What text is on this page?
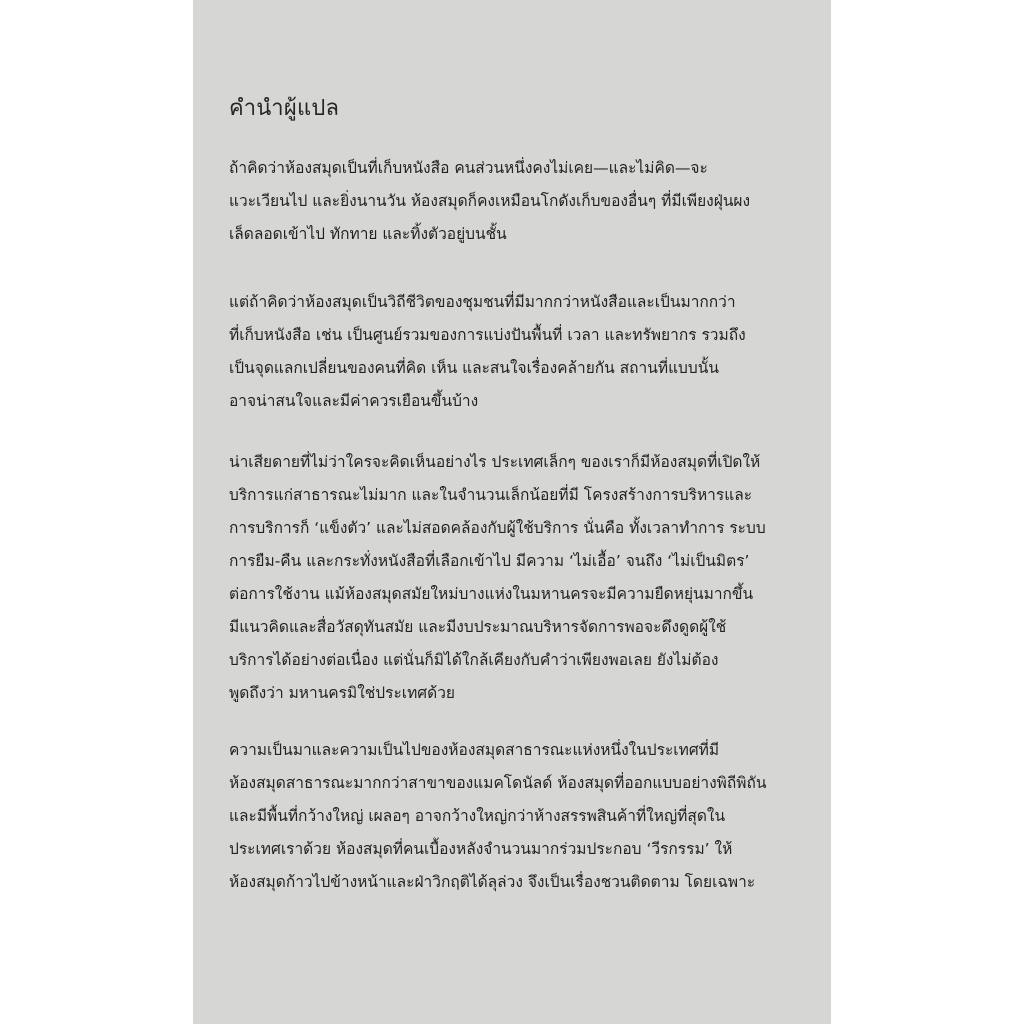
คำนำผู้แปล
ถ้าคิดว่าห้องสมุดเป็นที่เก็บหนังสือ คนส่วนหนึ่งคงไม่เคย—และไม่คิด—จะ
แวะเวียนไป และยิ่งนานวัน ห้องสมุดก็คงเหมือนโกดังเก็บของอื่นๆ ที่มีเพียงฝุ่นผง
เล็ดลอดเข้าไป ทักทาย และทิ้งตัวอยู่บนชั้น
แต่ถ้าคิดว่าห้องสมุดเป็นวิถีชีวิตของชุมชนที่มีมากกว่าหนังสือและเป็นมากกว่า
ที่เก็บหนังสือ เช่น เป็นศูนย์รวมของการแบ่งปันพื้นที่ เวลา และทรัพยากร รวมถึง
เป็นจุดแลกเปลี่ยนของคนที่คิด เห็น และสนใจเรื่องคล้ายกัน สถานที่แบบนั้น
อาจน่าสนใจและมีค่าควรเยือนขึ้นบ้าง
น่าเสียดายที่ไม่ว่าใครจะคิดเห็นอย่างไร ประเทศเล็กๆ ของเราก็มีห้องสมุดที่เปิดให้
บริการแก่สาธารณะไม่มาก และในจำนวนเล็กน้อยที่มี โครงสร้างการบริหารและ
การบริการก็ ‘แข็งตัว’ และไม่สอดคล้องกับผู้ใช้บริการ นั่นคือ ทั้งเวลาทำการ ระบบ
การยืม-คืน และกระทั่งหนังสือที่เลือกเข้าไป มีความ ‘ไม่เอื้อ’ จนถึง ‘ไม่เป็นมิตร’
ต่อการใช้งาน แม้ห้องสมุดสมัยใหม่บางแห่งในมหานครจะมีความยืดหยุ่นมากขึ้น
มีแนวคิดและสื่อวัสดุทันสมัย และมีงบประมาณบริหารจัดการพอจะดึงดูดผู้ใช้
บริการได้อย่างต่อเนื่อง แต่นั่นก็มิได้ใกล้เคียงกับคำว่าเพียงพอเลย ยังไม่ต้อง
พูดถึงว่า มหานครมิใช่ประเทศด้วย
ความเป็นมาและความเป็นไปของห้องสมุดสาธารณะแห่งหนึ่งในประเทศที่มี
ห้องสมุดสาธารณะมากกว่าสาขาของแมคโดนัลด์ ห้องสมุดที่ออกแบบอย่างพิถีพิถัน
และมีพื้นที่กว้างใหญ่ เผลอๆ อาจกว้างใหญ่กว่าห้างสรรพสินค้าที่ใหญ่ที่สุดใน
ประเทศเราด้วย ห้องสมุดที่คนเบื้องหลังจำนวนมากร่วมประกอบ ‘วีรกรรม’ ให้
ห้องสมุดก้าวไปข้างหน้าและฝ่าวิกฤติได้ลุล่วง จึงเป็นเรื่องชวนติดตาม โดยเฉพาะ
